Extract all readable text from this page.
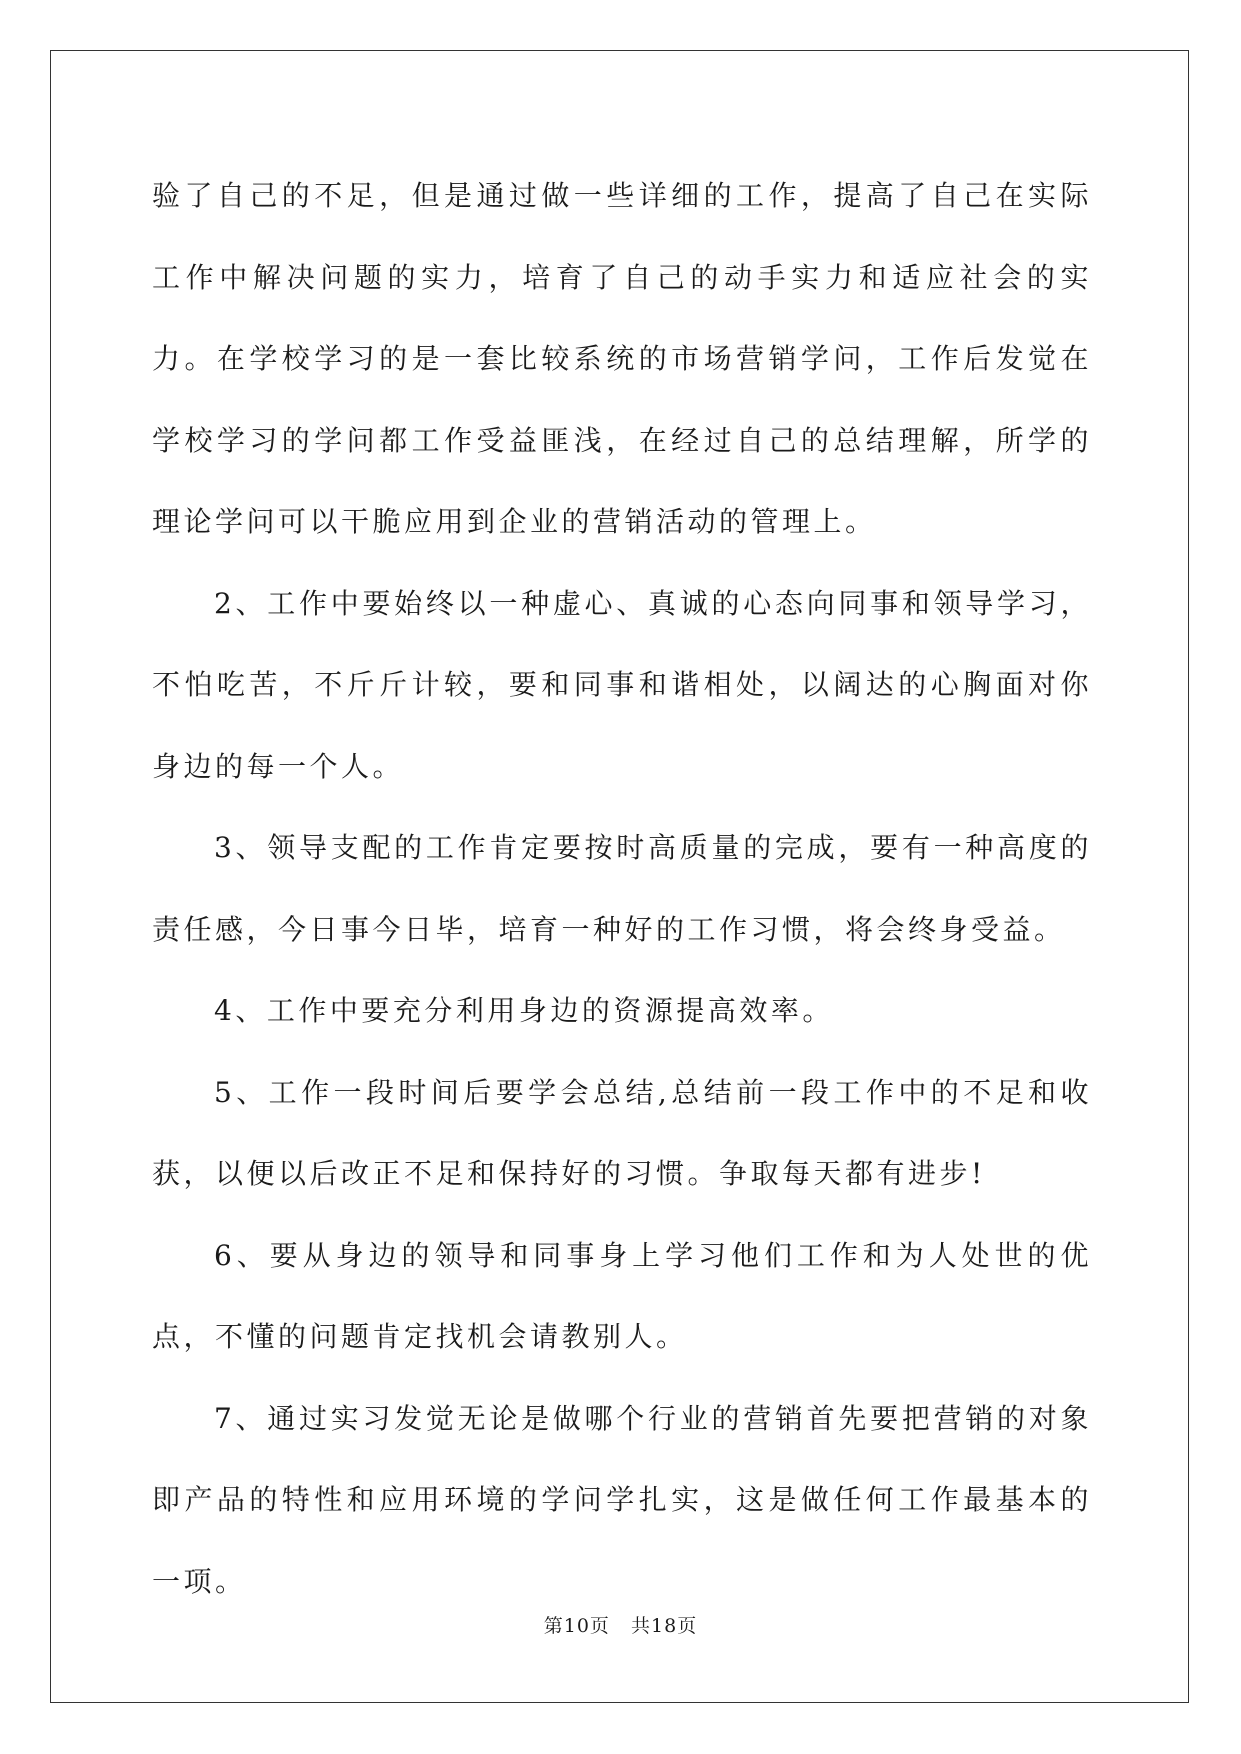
验了自己的不足，但是通过做一些详细的工作，提高了自己在实际工作中解决问题的实力，培育了自己的动手实力和适应社会的实力。在学校学习的是一套比较系统的市场营销学问，工作后发觉在学校学习的学问都工作受益匪浅，在经过自己的总结理解，所学的理论学问可以干脆应用到企业的营销活动的管理上。

2、工作中要始终以一种虚心、真诚的心态向同事和领导学习，不怕吃苦，不斤斤计较，要和同事和谐相处，以阔达的心胸面对你身边的每一个人。

3、领导支配的工作肯定要按时高质量的完成，要有一种高度的责任感，今日事今日毕，培育一种好的工作习惯，将会终身受益。

4、工作中要充分利用身边的资源提高效率。

5、工作一段时间后要学会总结,总结前一段工作中的不足和收获，以便以后改正不足和保持好的习惯。争取每天都有进步!

6、要从身边的领导和同事身上学习他们工作和为人处世的优点，不懂的问题肯定找机会请教别人。

7、通过实习发觉无论是做哪个行业的营销首先要把营销的对象即产品的特性和应用环境的学问学扎实，这是做任何工作最基本的一项。

第10页   共18页
